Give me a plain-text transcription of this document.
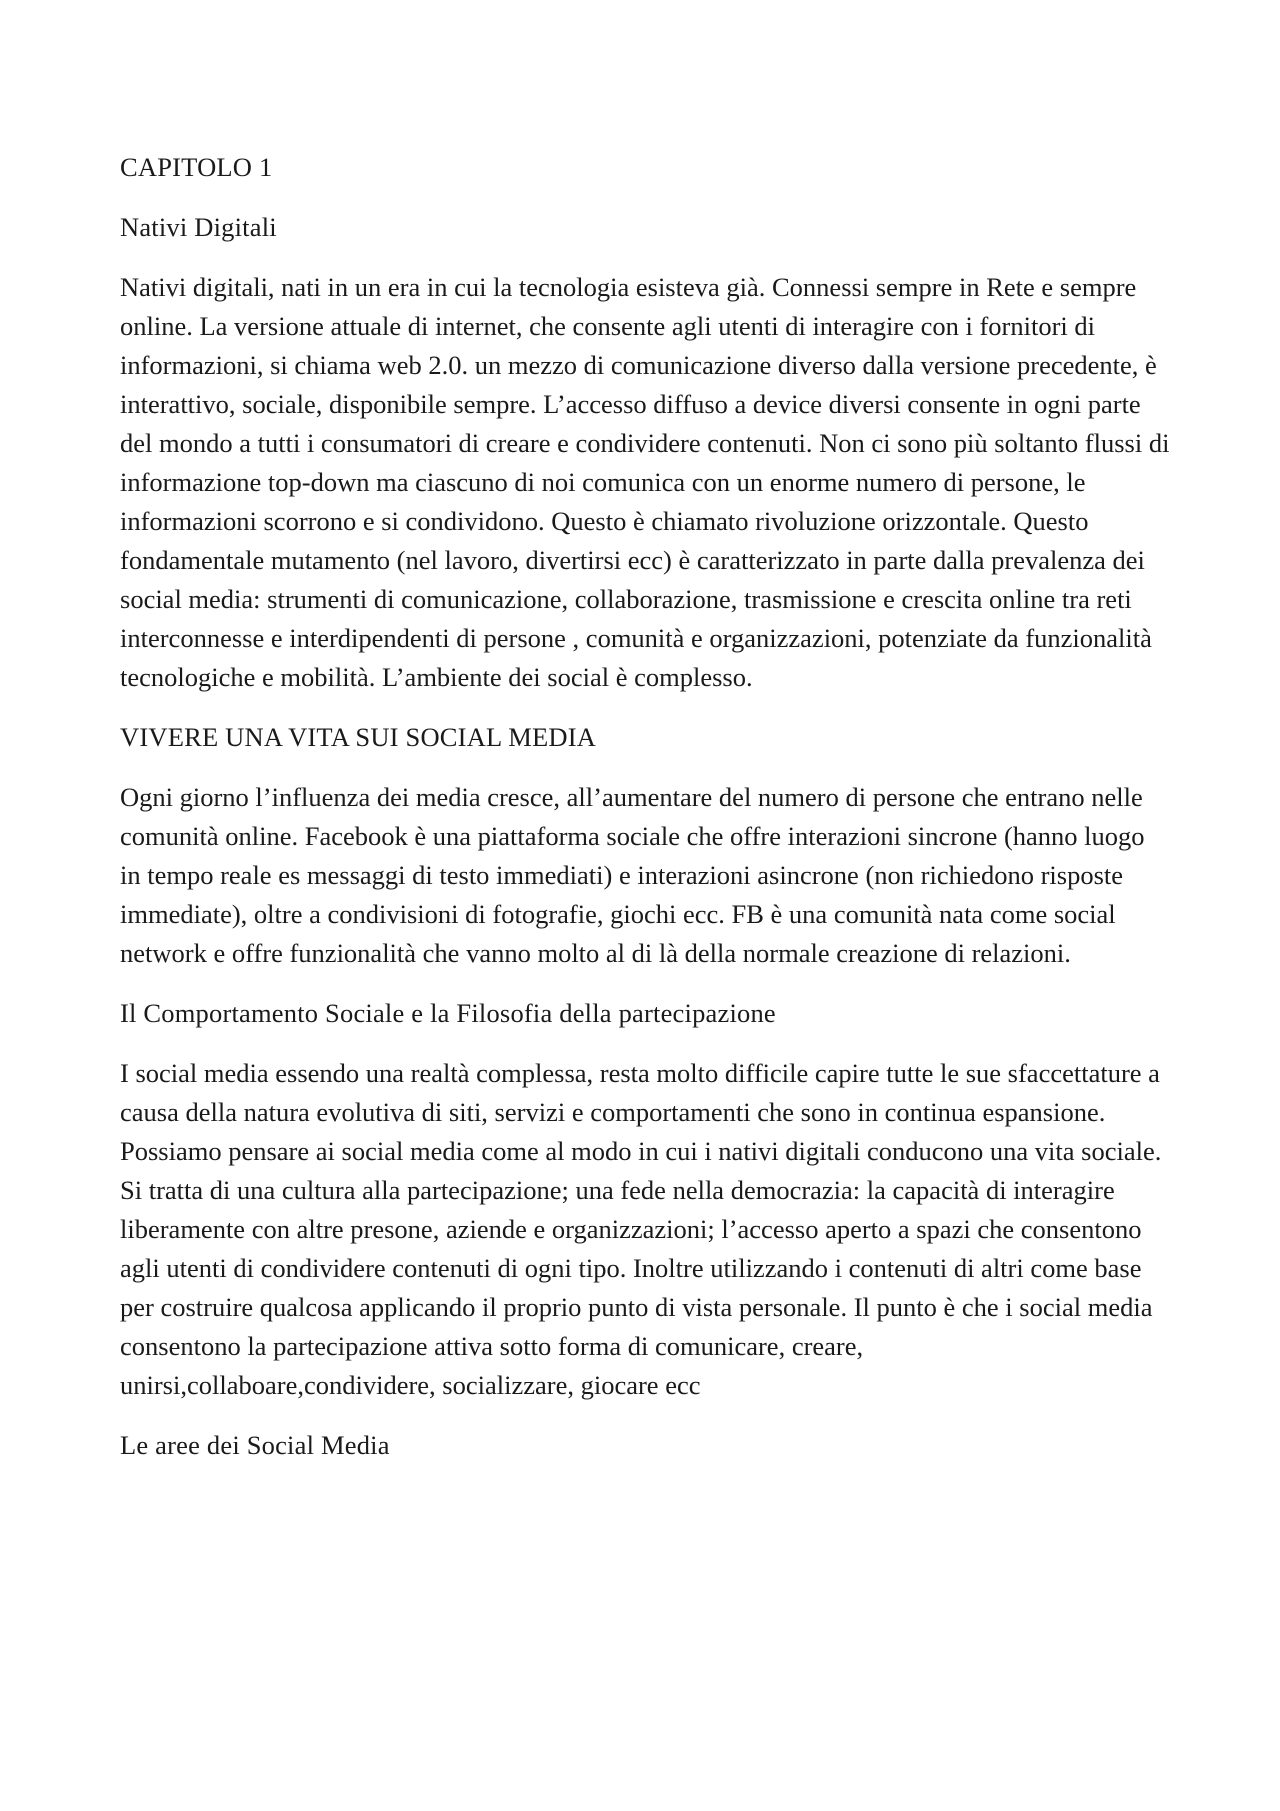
CAPITOLO 1

Nativi Digitali

Nativi digitali, nati in un era in cui la tecnologia esisteva già. Connessi sempre in Rete e sempre online. La versione attuale di internet, che consente agli utenti di interagire con i fornitori di informazioni, si chiama web 2.0. un mezzo di comunicazione diverso dalla versione precedente, è interattivo, sociale, disponibile sempre. L’accesso diffuso a device diversi consente in ogni parte del mondo a tutti i consumatori di creare e condividere contenuti. Non ci sono più soltanto flussi di informazione top-down ma ciascuno di noi comunica con un enorme numero di persone, le informazioni scorrono e si condividono. Questo è chiamato rivoluzione orizzontale. Questo fondamentale mutamento (nel lavoro, divertirsi ecc) è caratterizzato in parte dalla prevalenza dei social media: strumenti di comunicazione, collaborazione, trasmissione e crescita online tra reti interconnesse e interdipendenti di persone , comunità e organizzazioni, potenziate da funzionalità tecnologiche e mobilità. L’ambiente dei social è complesso.

VIVERE UNA VITA SUI SOCIAL MEDIA

Ogni giorno l’influenza dei media cresce, all’aumentare del numero di persone che entrano nelle comunità online. Facebook è una piattaforma sociale che offre interazioni sincrone (hanno luogo in tempo reale es messaggi di testo immediati) e interazioni asincrone (non richiedono risposte immediate), oltre a condivisioni di fotografie, giochi ecc. FB è una comunità nata come social network e offre funzionalità che vanno molto al di là della normale creazione di relazioni.

Il Comportamento Sociale e la Filosofia della partecipazione

I social media essendo una realtà complessa, resta molto difficile capire tutte le sue sfaccettature a causa della natura evolutiva di siti, servizi e comportamenti che sono in continua espansione. Possiamo pensare ai social media come al modo in cui i nativi digitali conducono una vita sociale. Si tratta di una cultura alla partecipazione; una fede nella democrazia: la capacità di interagire liberamente con altre presone, aziende e organizzazioni; l’accesso aperto a spazi che consentono agli utenti di condividere contenuti di ogni tipo. Inoltre utilizzando i contenuti di altri come base per costruire qualcosa applicando il proprio punto di vista personale. Il punto è che i social media consentono la partecipazione attiva sotto forma di comunicare, creare, unirsi,collaboare,condividere, socializzare, giocare ecc

Le aree dei Social Media
